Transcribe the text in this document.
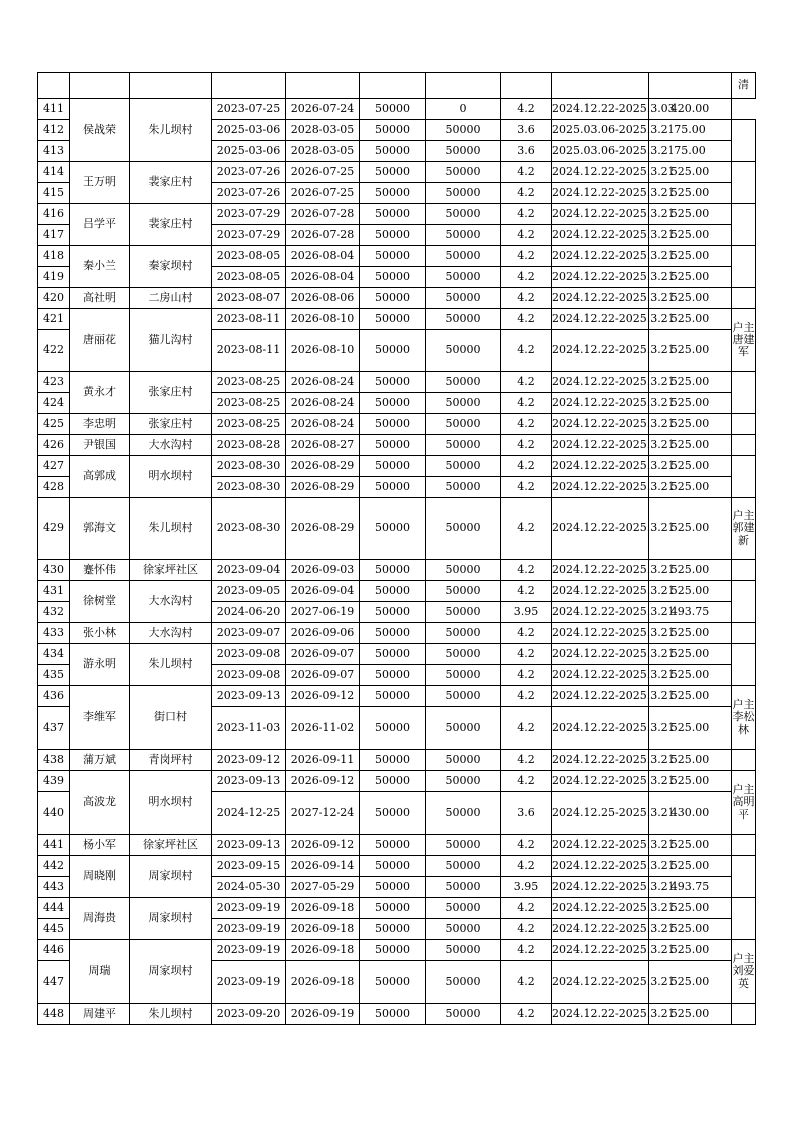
										清
411	侯战荣	朱儿坝村	2023-07-25	2026-07-24	50000	0	4.2	2024.12.22-2025.3.03	420.00	
412			2025-03-06	2028-03-05	50000	50000	3.6	2025.03.06-2025.3.21	75.00	
413			2025-03-06	2028-03-05	50000	50000	3.6	2025.03.06-2025.3.21	75.00	
414	王万明	裴家庄村	2023-07-26	2026-07-25	50000	50000	4.2	2024.12.22-2025.3.21	525.00	
415			2023-07-26	2026-07-25	50000	50000	4.2	2024.12.22-2025.3.21	525.00	
416	吕学平	裴家庄村	2023-07-29	2026-07-28	50000	50000	4.2	2024.12.22-2025.3.21	525.00	
417			2023-07-29	2026-07-28	50000	50000	4.2	2024.12.22-2025.3.21	525.00	
418	秦小兰	秦家坝村	2023-08-05	2026-08-04	50000	50000	4.2	2024.12.22-2025.3.21	525.00	
419			2023-08-05	2026-08-04	50000	50000	4.2	2024.12.22-2025.3.21	525.00	
420	高社明	二房山村	2023-08-07	2026-08-06	50000	50000	4.2	2024.12.22-2025.3.21	525.00	
421	唐丽花	猫儿沟村	2023-08-11	2026-08-10	50000	50000	4.2	2024.12.22-2025.3.21	525.00	户主
唐建
军

422			2023-08-11	2026-08-10	50000	50000	4.2	2024.12.22-2025.3.21	525.00	
423	黄永才	张家庄村	2023-08-25	2026-08-24	50000	50000	4.2	2024.12.22-2025.3.21	525.00	
424			2023-08-25	2026-08-24	50000	50000	4.2	2024.12.22-2025.3.21	525.00	
425	李忠明	张家庄村	2023-08-25	2026-08-24	50000	50000	4.2	2024.12.22-2025.3.21	525.00	
426	尹银国	大水沟村	2023-08-28	2026-08-27	50000	50000	4.2	2024.12.22-2025.3.21	525.00	
427	高郭成	明水坝村	2023-08-30	2026-08-29	50000	50000	4.2	2024.12.22-2025.3.21	525.00	
428			2023-08-30	2026-08-29	50000	50000	4.2	2024.12.22-2025.3.21	525.00	
429	郭海文	朱儿坝村	2023-08-30	2026-08-29	50000	50000	4.2	2024.12.22-2025.3.21	525.00	户主
郭建
新

430	蹇怀伟	徐家坪社区	2023-09-04	2026-09-03	50000	50000	4.2	2024.12.22-2025.3.21	525.00	
431	徐树堂	大水沟村	2023-09-05	2026-09-04	50000	50000	4.2	2024.12.22-2025.3.21	525.00	
432			2024-06-20	2027-06-19	50000	50000	3.95	2024.12.22-2025.3.21	493.75	
433	张小林	大水沟村	2023-09-07	2026-09-06	50000	50000	4.2	2024.12.22-2025.3.21	525.00	
434	游永明	朱儿坝村	2023-09-08	2026-09-07	50000	50000	4.2	2024.12.22-2025.3.21	525.00	
435			2023-09-08	2026-09-07	50000	50000	4.2	2024.12.22-2025.3.21	525.00	
436	李维军	街口村	2023-09-13	2026-09-12	50000	50000	4.2	2024.12.22-2025.3.21	525.00	户主
李松
林

437			2023-11-03	2026-11-02	50000	50000	4.2	2024.12.22-2025.3.21	525.00	
438	蒲万斌	青岗坪村	2023-09-12	2026-09-11	50000	50000	4.2	2024.12.22-2025.3.21	525.00	
439	高波龙	明水坝村	2023-09-13	2026-09-12	50000	50000	4.2	2024.12.22-2025.3.21	525.00	户主
高明
平

440			2024-12-25	2027-12-24	50000	50000	3.6	2024.12.25-2025.3.21	430.00	
441	杨小军	徐家坪社区	2023-09-13	2026-09-12	50000	50000	4.2	2024.12.22-2025.3.21	525.00	
442	周晓刚	周家坝村	2023-09-15	2026-09-14	50000	50000	4.2	2024.12.22-2025.3.21	525.00	
443			2024-05-30	2027-05-29	50000	50000	3.95	2024.12.22-2025.3.21	493.75	
444	周海贵	周家坝村	2023-09-19	2026-09-18	50000	50000	4.2	2024.12.22-2025.3.21	525.00	
445			2023-09-19	2026-09-18	50000	50000	4.2	2024.12.22-2025.3.21	525.00	
446	周瑞	周家坝村	2023-09-19	2026-09-18	50000	50000	4.2	2024.12.22-2025.3.21	525.00	户主
刘爱
英

447			2023-09-19	2026-09-18	50000	50000	4.2	2024.12.22-2025.3.21	525.00	
448	周建平	朱儿坝村	2023-09-20	2026-09-19	50000	50000	4.2	2024.12.22-2025.3.21	525.00	
